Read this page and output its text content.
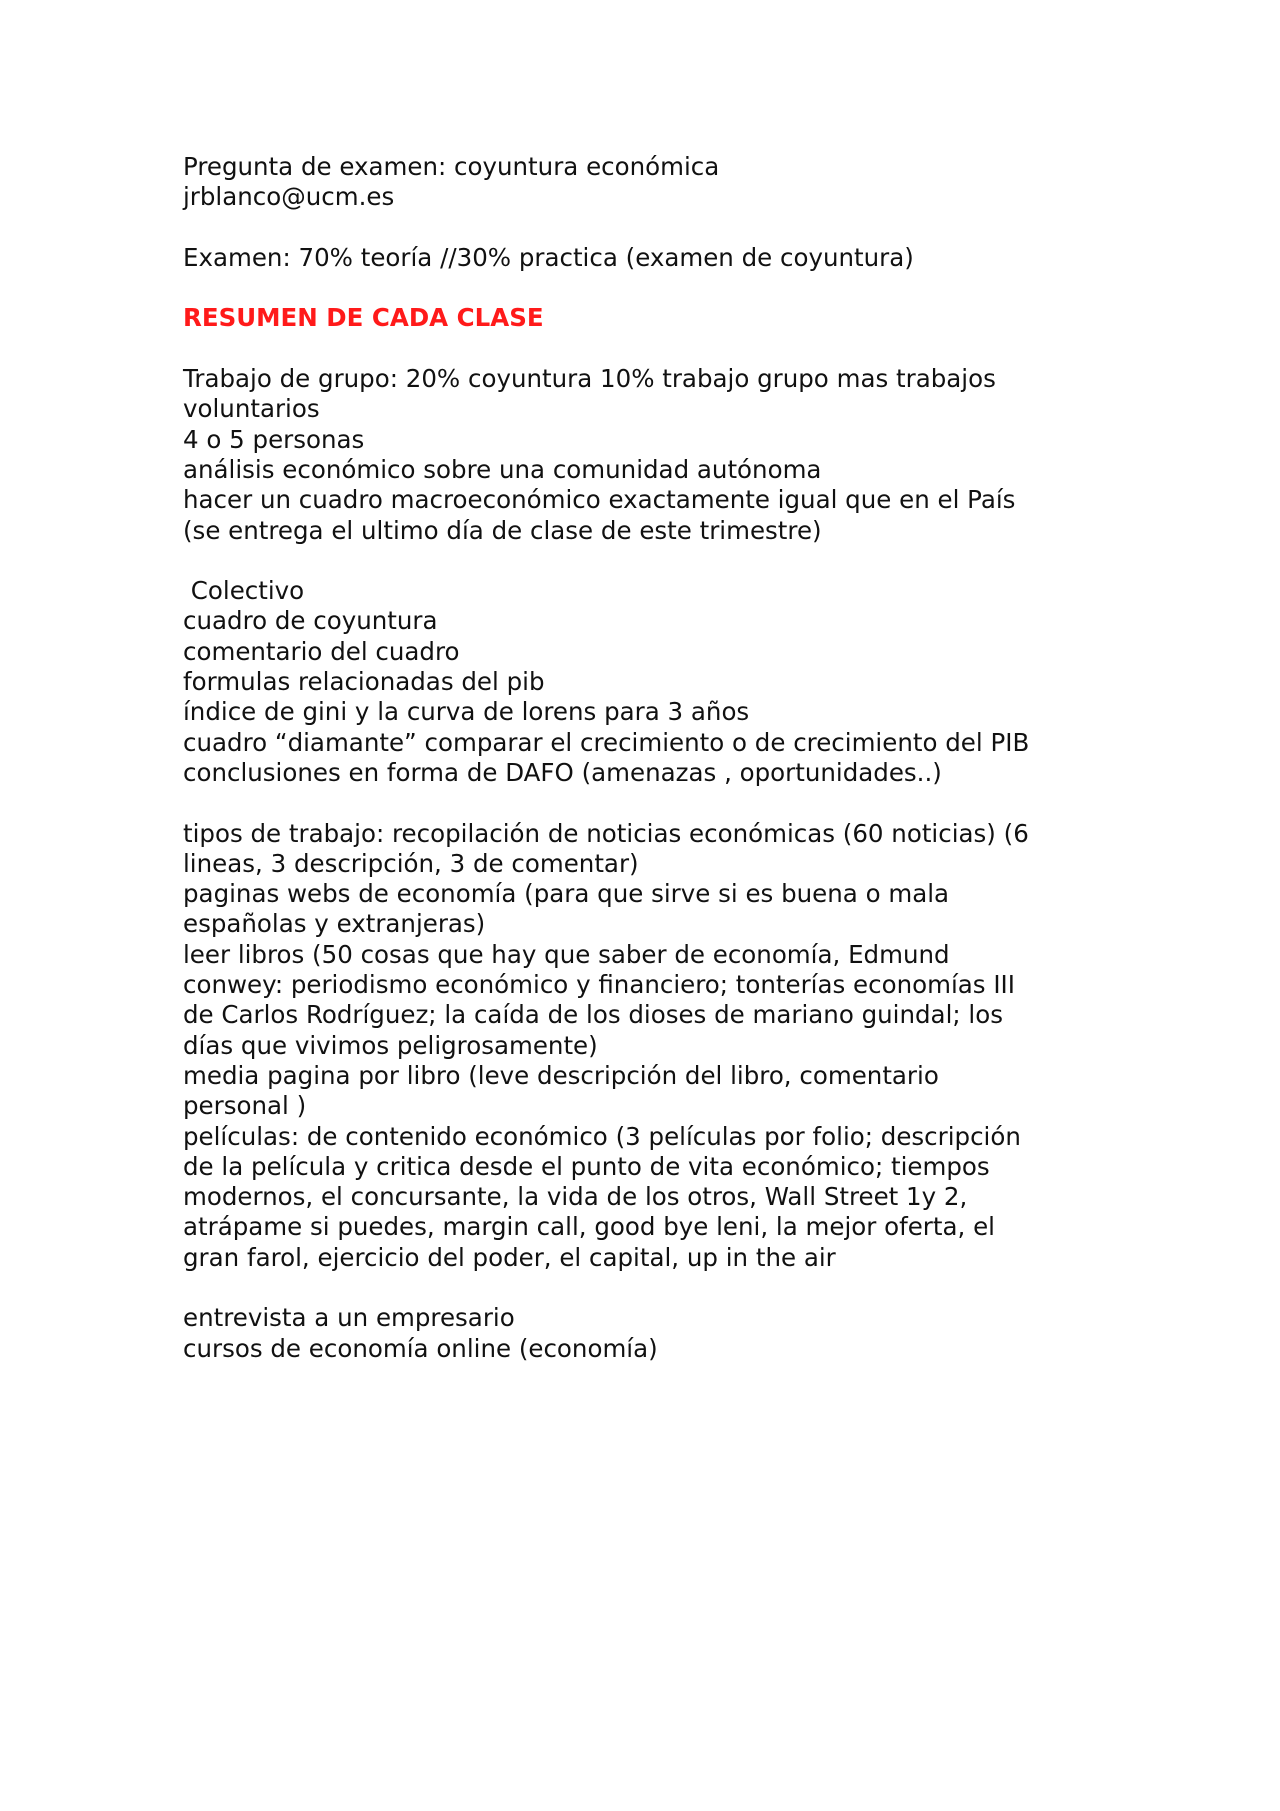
Pregunta de examen: coyuntura económica
jrblanco@ucm.es
Examen: 70% teoría //30% practica (examen de coyuntura)
RESUMEN DE CADA CLASE
Trabajo de grupo: 20% coyuntura 10% trabajo grupo mas trabajos
voluntarios
4 o 5 personas
análisis económico sobre una comunidad autónoma
hacer un cuadro macroeconómico exactamente igual que en el País
(se entrega el ultimo día de clase de este trimestre)
Colectivo
cuadro de coyuntura
comentario del cuadro
formulas relacionadas del pib
índice de gini y la curva de lorens para 3 años
cuadro “diamante” comparar el crecimiento o de crecimiento del PIB
conclusiones en forma de DAFO (amenazas , oportunidades..)
tipos de trabajo: recopilación de noticias económicas (60 noticias) (6
lineas, 3 descripción, 3 de comentar)
paginas webs de economía (para que sirve si es buena o mala
españolas y extranjeras)
leer libros (50 cosas que hay que saber de economía, Edmund
conwey: periodismo económico y financiero; tonterías economías III
de Carlos Rodríguez; la caída de los dioses de mariano guindal; los
días que vivimos peligrosamente)
media pagina por libro (leve descripción del libro, comentario
personal )
películas: de contenido económico (3 películas por folio; descripción
de la película y critica desde el punto de vita económico; tiempos
modernos, el concursante, la vida de los otros, Wall Street 1y 2,
atrápame si puedes, margin call, good bye leni, la mejor oferta, el
gran farol, ejercicio del poder, el capital, up in the air
entrevista a un empresario
cursos de economía online (economía)
